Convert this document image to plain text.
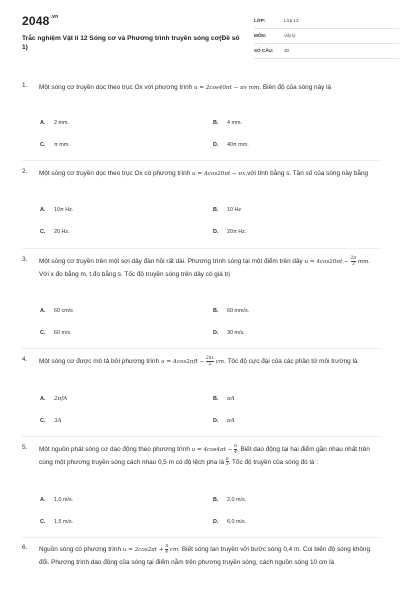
$2048^{.vn}$
Trắc nghiệm Vật lí 12 Sóng cơ và Phương trình truyền sóng cơ(Đề số 1)
LỚP:	Lớp 12
MÔN:	Vật lý
SỐ CÂU: 30
1. Một sóng cơ truyền dọc theo trục Ox với phương trình u = 2cos40πt − πx mm. Biên độ của sóng này là
A. 2 mm.	B. 4 mm.
C. π mm.	D. 40π mm.
2. Một sóng cơ truyền dọc theo trục Ox có phương trình u = Acos20πt − πx,với tính bằng s. Tần số của sóng này bằng
A. 10π Hz.	B. 10 Hz
C. 20 Hz.	D. 20π Hz.
3. Một sóng cơ truyền trên một sợi dây đàn hồi rất dài. Phương trình sóng tại một điểm trên dây $u = 4\cos 20\pi t - \frac{2\pi}{3}$ mm. Với x đo bằng m, t đo bằng s. Tốc độ truyền sóng trên dây có giá trị
A. 60 cm/s	B. 60 mm/s.
C. 60 m/s.	D. 30 m/s.
4. Một sóng cơ được mô tả bởi phương trình $u = Acos2\pi ft - \frac{2\pi x}{\lambda}$ cm. Tốc độ cực đại của các phần tử môi trường là
A. 2πfA	B. πA
C. 3A	D. πA
5. Một nguồn phát sóng cơ dao động theo phương trình $u = 4\cos 4\pi t - \frac{\pi}{4}$ . Biết dao động tại hai điểm gần nhau nhất trên cùng một phương truyền sóng cách nhau 0,5 m có độ lệch pha là $\frac{\pi}{3}$ . Tốc độ truyền của sóng đó là :
A. 1,0 m/s.	B. 2,0 m/s.
C. 1,5 m/s.	D. 6,0 m/s.
6. Nguồn sóng có phương trình $u = 2\cos 2\pi t + \frac{\pi}{4}$ cm. Biết sóng lan truyền với bước sóng 0,4 m. Coi biên độ sóng không đổi. Phương trình dao động của sóng tại điểm nằm trên phương truyền sóng, cách nguồn sóng 10 cm là
